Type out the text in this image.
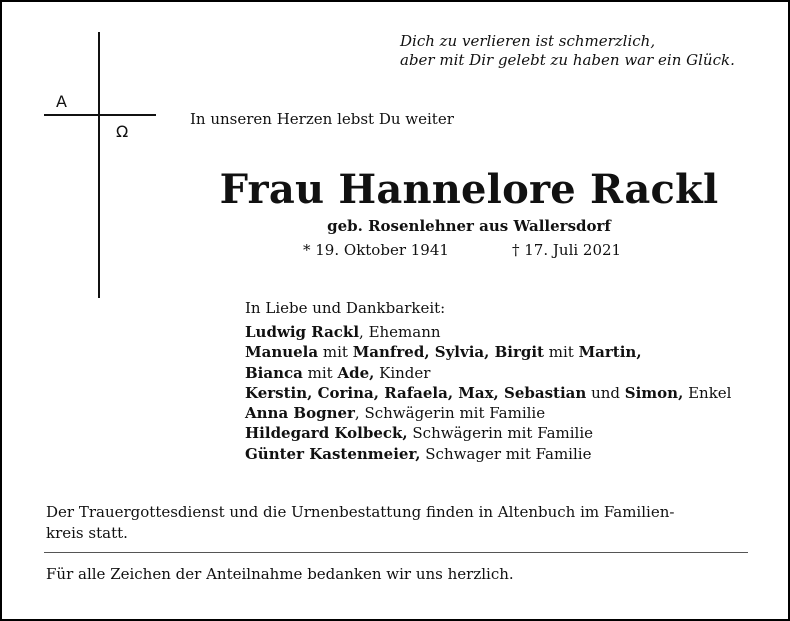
Dich zu verlieren ist schmerzlich,
aber mit Dir gelebt zu haben war ein Glück.
A
Ω
In unseren Herzen lebst Du weiter
Frau Hannelore Rackl
geb. Rosenlehner aus Wallersdorf
* 19. Oktober 1941	† 17. Juli 2021
In Liebe und Dankbarkeit:
Ludwig Rackl, Ehemann
Manuela mit Manfred, Sylvia, Birgit mit Martin,
Bianca mit Ade, Kinder
Kerstin, Corina, Rafaela, Max, Sebastian und Simon, Enkel
Anna Bogner, Schwägerin mit Familie
Hildegard Kolbeck, Schwägerin mit Familie
Günter Kastenmeier, Schwager mit Familie
Der Trauergottesdienst und die Urnenbestattung finden in Altenbuch im Familien-
kreis statt.
Für alle Zeichen der Anteilnahme bedanken wir uns herzlich.
